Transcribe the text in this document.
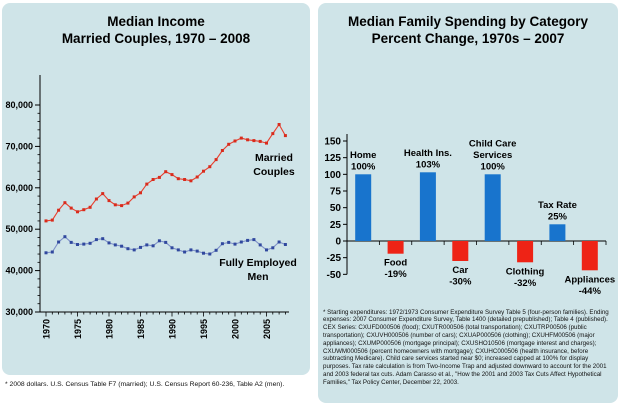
Median Income
Married Couples, 1970 – 2008
30,000
40,000
50,000
60,000
70,000
80,000
1970 1975 1980 1985 1990 1995 2000 2005
Married
Couples
Fully Employed
Men
* 2008 dollars. U.S. Census Table F7 (married); U.S. Census Report 60-236, Table A2 (men).
Median Family Spending by Category
Percent Change, 1970s – 2007
150
125
100
75
50
25
0
-25
-50
Home
100%
Food
-19%
Health Ins.
103%
Car
-30%
Child Care
Services
100%
Clothing
-32%
Tax Rate
25%
Appliances
-44%
* Starting expenditures: 1972/1973 Consumer Expenditure Survey Table 5 (four-person families). Ending expenses: 2007 Consumer Expenditure Survey, Table 1400 (detailed prepublished); Table 4 (published). CEX Series: CXUFD000506 (food); CXUTR000506 (total transportation); CXUTRP00506 (public transportation); CXUVH000506 (number of cars); CXUAP000506 (clothing); CXUHFM00506 (major appliances); CXUMP000506 (mortgage principal); CXUSHO10506 (mortgage interest and charges); CXUWM000506 (percent homeowners with mortgage); CXUHC000506 (health insurance, before subtracting Medicare). Child care services started near $0; increased capped at 100% for display purposes. Tax rate calculation is from Two-Income Trap and adjusted downward to account for the 2001 and 2003 federal tax cuts. Adam Carasso et al., "How the 2001 and 2003 Tax Cuts Affect Hypothetical Families," Tax Policy Center, December 22, 2003.
